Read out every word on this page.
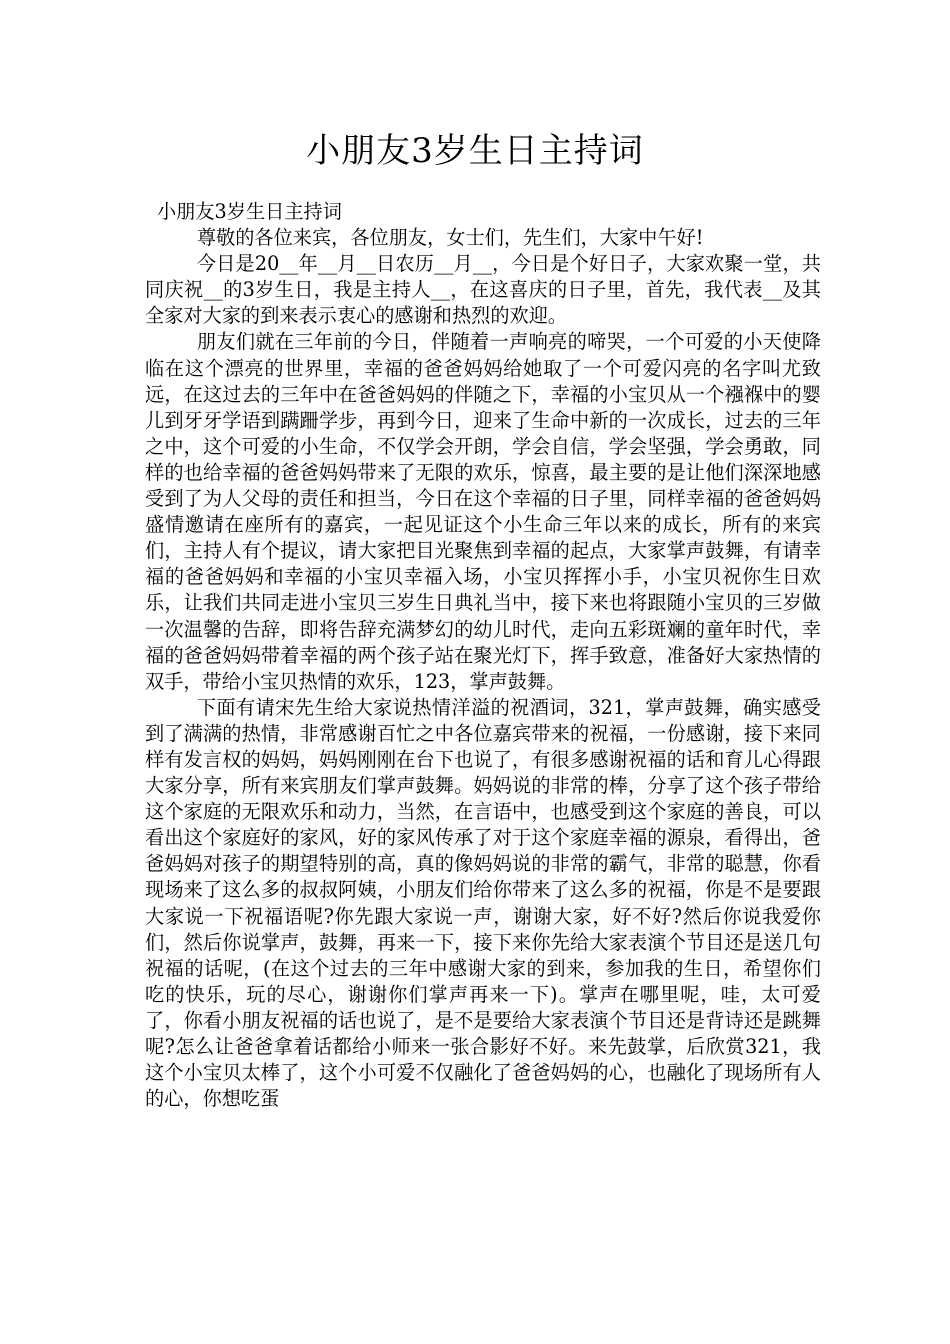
小朋友3岁生日主持词

小朋友3岁生日主持词

尊敬的各位来宾，各位朋友，女士们，先生们，大家中午好!

今日是20__年__月__日农历__月__，今日是个好日子，大家欢聚一堂，共同庆祝__的3岁生日，我是主持人__，在这喜庆的日子里，首先，我代表__及其全家对大家的到来表示衷心的感谢和热烈的欢迎。

朋友们就在三年前的今日，伴随着一声响亮的啼哭，一个可爱的小天使降临在这个漂亮的世界里，幸福的爸爸妈妈给她取了一个可爱闪亮的名字叫尤致远，在这过去的三年中在爸爸妈妈的伴随之下，幸福的小宝贝从一个襁褓中的婴儿到牙牙学语到蹒跚学步，再到今日，迎来了生命中新的一次成长，过去的三年之中，这个可爱的小生命，不仅学会开朗，学会自信，学会坚强，学会勇敢，同样的也给幸福的爸爸妈妈带来了无限的欢乐，惊喜，最主要的是让他们深深地感受到了为人父母的责任和担当，今日在这个幸福的日子里，同样幸福的爸爸妈妈盛情邀请在座所有的嘉宾，一起见证这个小生命三年以来的成长，所有的来宾们，主持人有个提议，请大家把目光聚焦到幸福的起点，大家掌声鼓舞，有请幸福的爸爸妈妈和幸福的小宝贝幸福入场，小宝贝挥挥小手，小宝贝祝你生日欢乐，让我们共同走进小宝贝三岁生日典礼当中，接下来也将跟随小宝贝的三岁做一次温馨的告辞，即将告辞充满梦幻的幼儿时代，走向五彩斑斓的童年时代，幸福的爸爸妈妈带着幸福的两个孩子站在聚光灯下，挥手致意，准备好大家热情的双手，带给小宝贝热情的欢乐，123，掌声鼓舞。

下面有请宋先生给大家说热情洋溢的祝酒词，321，掌声鼓舞，确实感受到了满满的热情，非常感谢百忙之中各位嘉宾带来的祝福，一份感谢，接下来同样有发言权的妈妈，妈妈刚刚在台下也说了，有很多感谢祝福的话和育儿心得跟大家分享，所有来宾朋友们掌声鼓舞。妈妈说的非常的棒，分享了这个孩子带给这个家庭的无限欢乐和动力，当然，在言语中，也感受到这个家庭的善良，可以看出这个家庭好的家风，好的家风传承了对于这个家庭幸福的源泉，看得出，爸爸妈妈对孩子的期望特别的高，真的像妈妈说的非常的霸气，非常的聪慧，你看现场来了这么多的叔叔阿姨，小朋友们给你带来了这么多的祝福，你是不是要跟大家说一下祝福语呢?你先跟大家说一声，谢谢大家，好不好?然后你说我爱你们，然后你说掌声，鼓舞，再来一下，接下来你先给大家表演个节目还是送几句祝福的话呢，(在这个过去的三年中感谢大家的到来，参加我的生日，希望你们吃的快乐，玩的尽心，谢谢你们掌声再来一下)。掌声在哪里呢，哇，太可爱了，你看小朋友祝福的话也说了，是不是要给大家表演个节目还是背诗还是跳舞呢?怎么让爸爸拿着话都给小师来一张合影好不好。来先鼓掌，后欣赏321，我这个小宝贝太棒了，这个小可爱不仅融化了爸爸妈妈的心，也融化了现场所有人的心，你想吃蛋
